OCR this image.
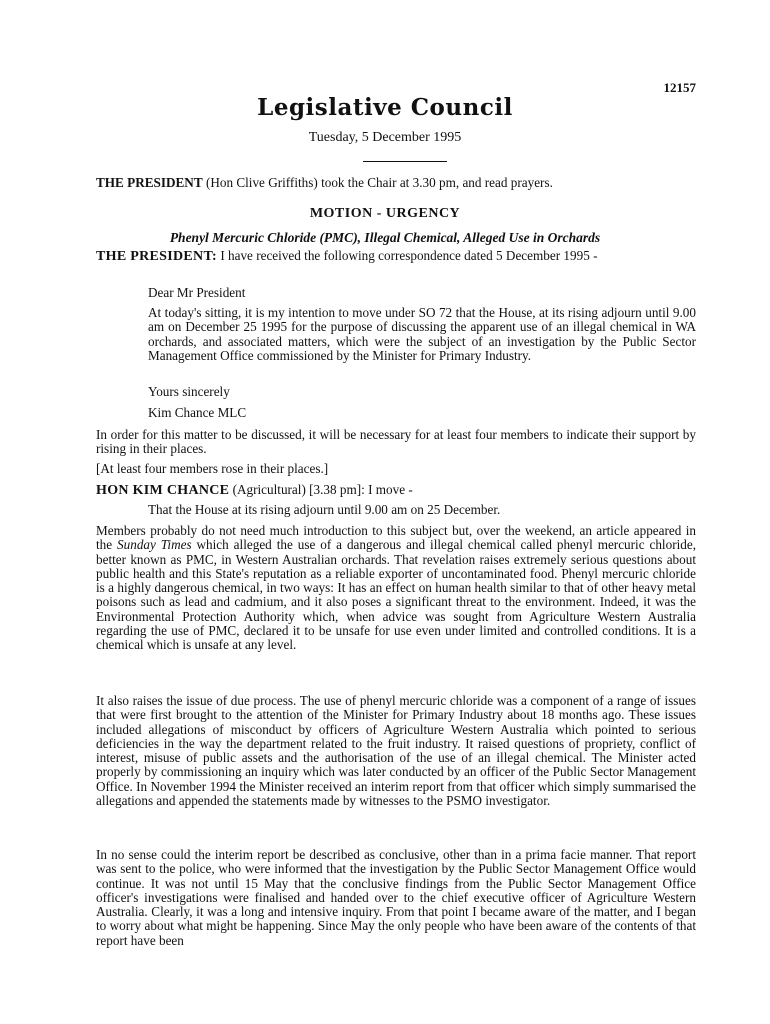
12157
Legislative Council
Tuesday, 5 December 1995
THE PRESIDENT (Hon Clive Griffiths) took the Chair at 3.30 pm, and read prayers.
MOTION - URGENCY
Phenyl Mercuric Chloride (PMC), Illegal Chemical, Alleged Use in Orchards
THE PRESIDENT: I have received the following correspondence dated 5 December 1995 -
Dear Mr President
At today's sitting, it is my intention to move under SO 72 that the House, at its rising adjourn until 9.00 am on December 25 1995 for the purpose of discussing the apparent use of an illegal chemical in WA orchards, and associated matters, which were the subject of an investigation by the Public Sector Management Office commissioned by the Minister for Primary Industry.
Yours sincerely
Kim Chance MLC
In order for this matter to be discussed, it will be necessary for at least four members to indicate their support by rising in their places.
[At least four members rose in their places.]
HON KIM CHANCE (Agricultural) [3.38 pm]: I move -
That the House at its rising adjourn until 9.00 am on 25 December.
Members probably do not need much introduction to this subject but, over the weekend, an article appeared in the Sunday Times which alleged the use of a dangerous and illegal chemical called phenyl mercuric chloride, better known as PMC, in Western Australian orchards. That revelation raises extremely serious questions about public health and this State's reputation as a reliable exporter of uncontaminated food. Phenyl mercuric chloride is a highly dangerous chemical, in two ways: It has an effect on human health similar to that of other heavy metal poisons such as lead and cadmium, and it also poses a significant threat to the environment. Indeed, it was the Environmental Protection Authority which, when advice was sought from Agriculture Western Australia regarding the use of PMC, declared it to be unsafe for use even under limited and controlled conditions. It is a chemical which is unsafe at any level.
It also raises the issue of due process. The use of phenyl mercuric chloride was a component of a range of issues that were first brought to the attention of the Minister for Primary Industry about 18 months ago. These issues included allegations of misconduct by officers of Agriculture Western Australia which pointed to serious deficiencies in the way the department related to the fruit industry. It raised questions of propriety, conflict of interest, misuse of public assets and the authorisation of the use of an illegal chemical. The Minister acted properly by commissioning an inquiry which was later conducted by an officer of the Public Sector Management Office. In November 1994 the Minister received an interim report from that officer which simply summarised the allegations and appended the statements made by witnesses to the PSMO investigator.
In no sense could the interim report be described as conclusive, other than in a prima facie manner. That report was sent to the police, who were informed that the investigation by the Public Sector Management Office would continue. It was not until 15 May that the conclusive findings from the Public Sector Management Office officer's investigations were finalised and handed over to the chief executive officer of Agriculture Western Australia. Clearly, it was a long and intensive inquiry. From that point I became aware of the matter, and I began to worry about what might be happening. Since May the only people who have been aware of the contents of that report have been
